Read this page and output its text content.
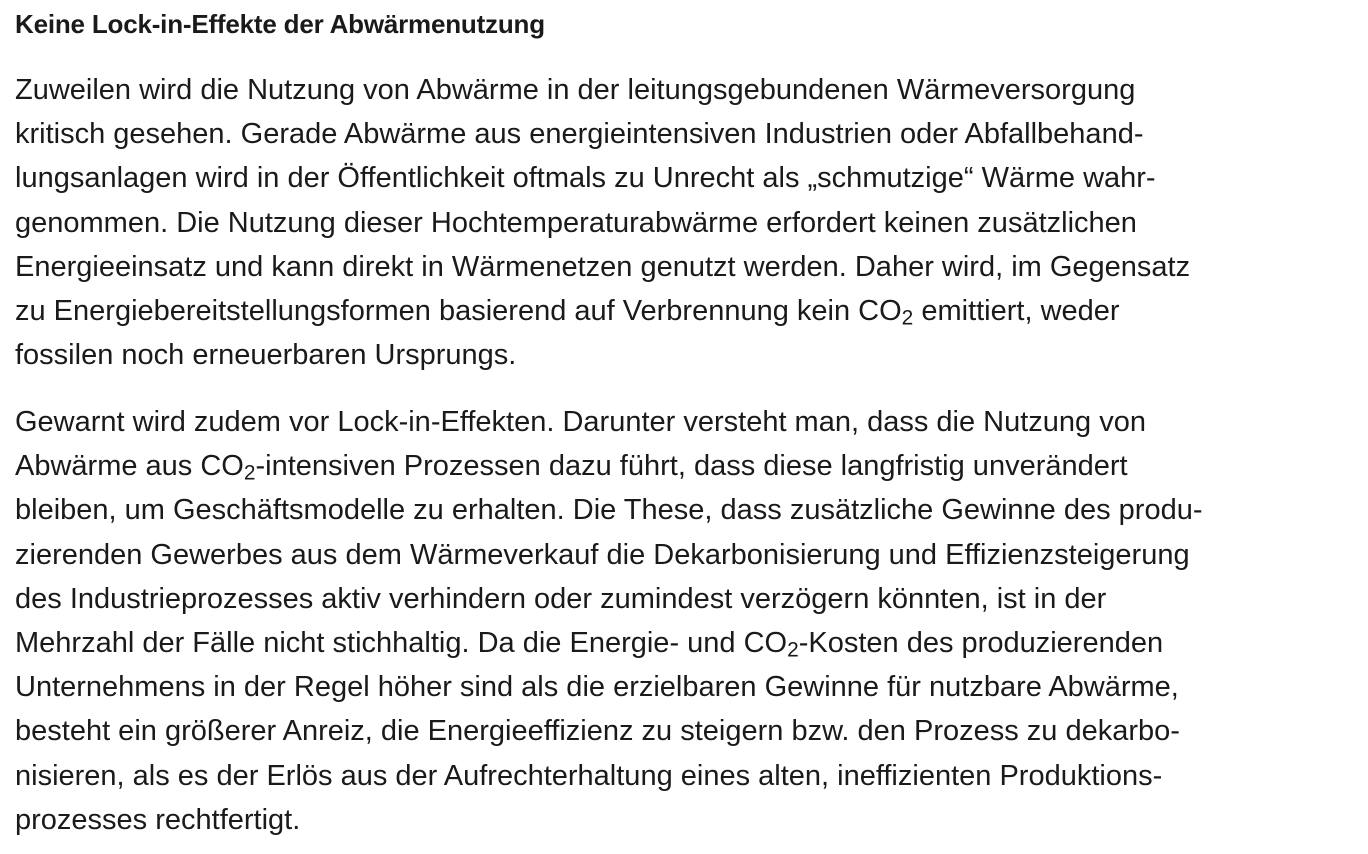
Keine Lock-in-Effekte der Abwärmenutzung

Zuweilen wird die Nutzung von Abwärme in der leitungsgebundenen Wärmeversorgung
kritisch gesehen. Gerade Abwärme aus energieintensiven Industrien oder Abfallbehand-
lungsanlagen wird in der Öffentlichkeit oftmals zu Unrecht als „schmutzige“ Wärme wahr-
genommen. Die Nutzung dieser Hochtemperaturabwärme erfordert keinen zusätzlichen
Energieeinsatz und kann direkt in Wärmenetzen genutzt werden. Daher wird, im Gegensatz
zu Energiebereitstellungsformen basierend auf Verbrennung kein $CO_2$ emittiert, weder
fossilen noch erneuerbaren Ursprungs.

Gewarnt wird zudem vor Lock-in-Effekten. Darunter versteht man, dass die Nutzung von
Abwärme aus $CO_2$-intensiven Prozessen dazu führt, dass diese langfristig unverändert
bleiben, um Geschäftsmodelle zu erhalten. Die These, dass zusätzliche Gewinne des produ-
zierenden Gewerbes aus dem Wärmeverkauf die Dekarbonisierung und Effizienzsteigerung
des Industrieprozesses aktiv verhindern oder zumindest verzögern könnten, ist in der
Mehrzahl der Fälle nicht stichhaltig. Da die Energie- und $CO_2$-Kosten des produzierenden
Unternehmens in der Regel höher sind als die erzielbaren Gewinne für nutzbare Abwärme,
besteht ein größerer Anreiz, die Energieeffizienz zu steigern bzw. den Prozess zu dekarbo-
nisieren, als es der Erlös aus der Aufrechterhaltung eines alten, ineffizienten Produktions-
prozesses rechtfertigt.
